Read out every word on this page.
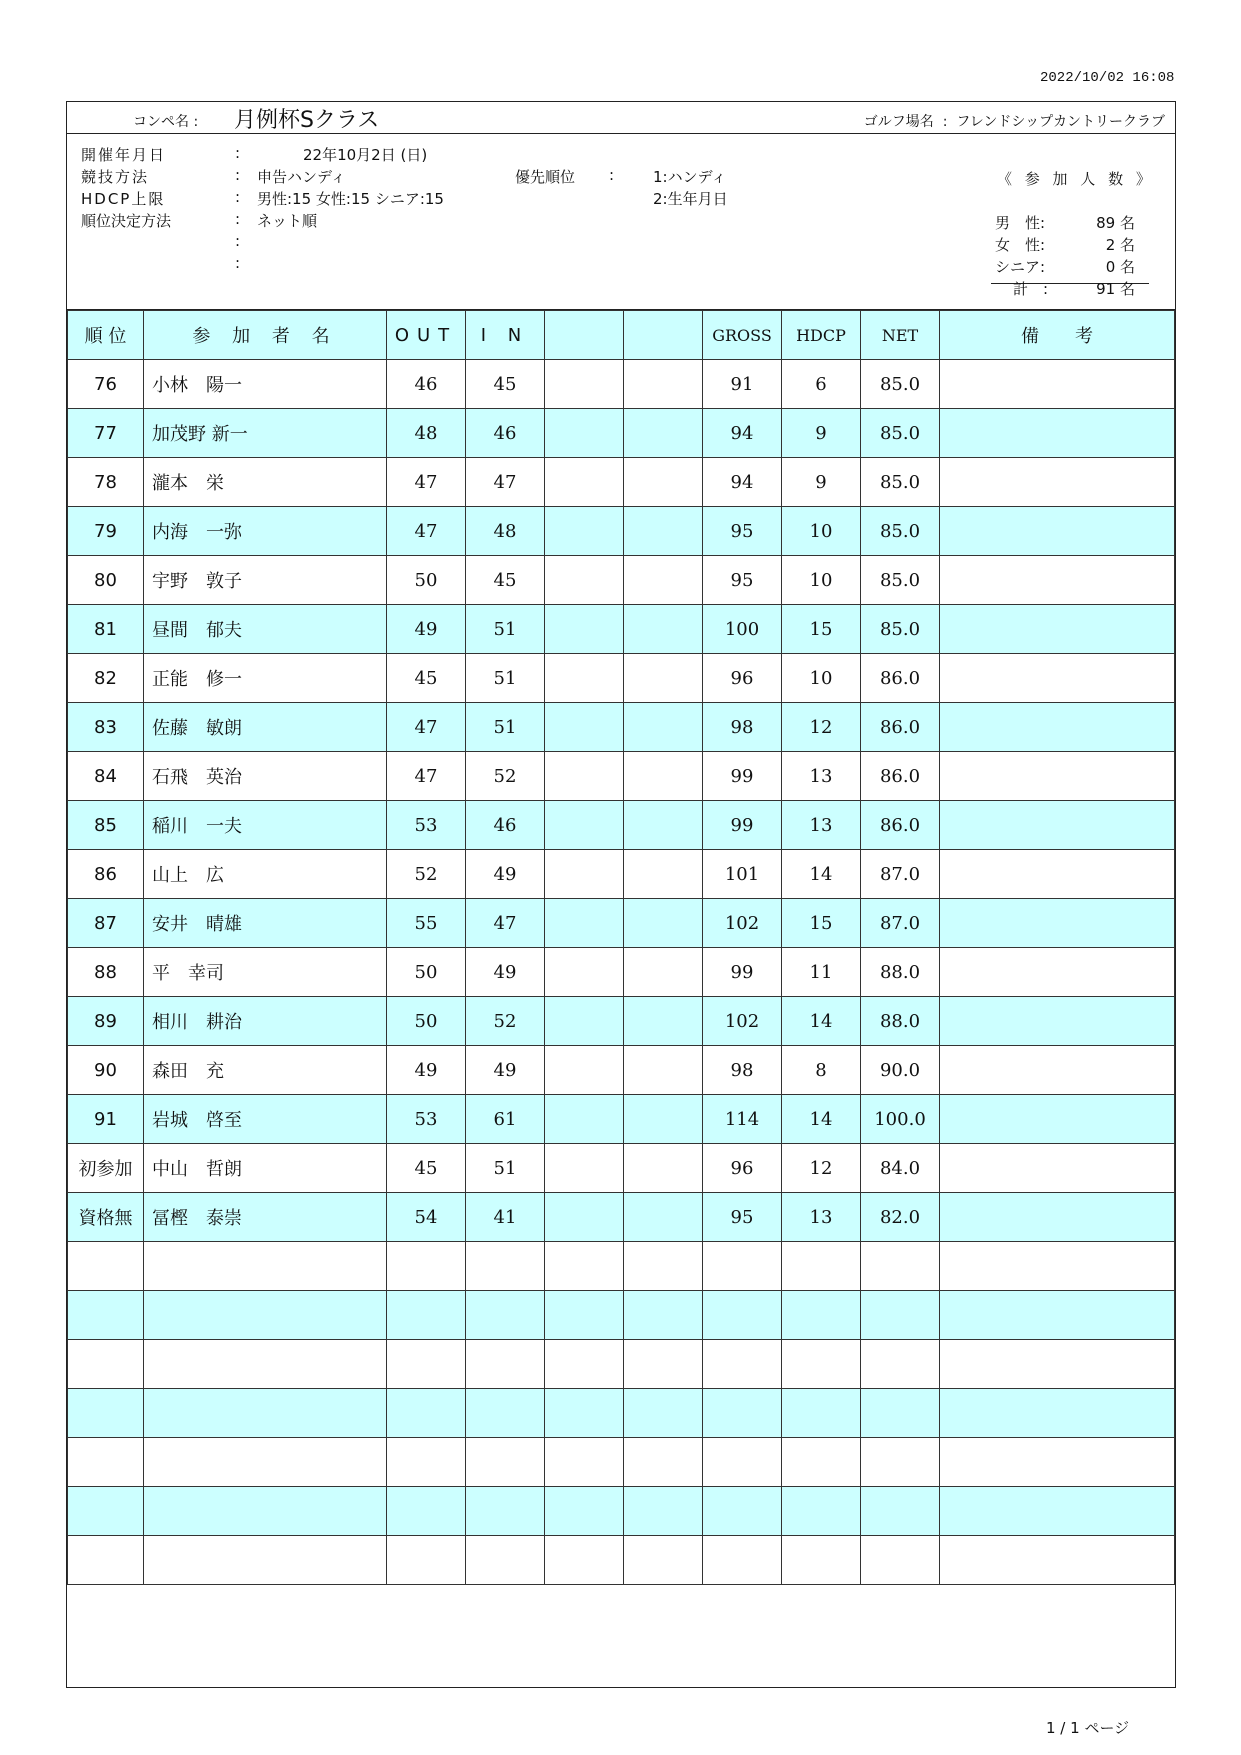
2022/10/02 16:08
コンペ名 : 月例杯Sクラス	ゴルフ場名 : フレンドシップカントリークラブ
開催年月日	:	22年10月2日 (日)
競技方法	: 申告ハンディ	優先順位 :	1:ハンディ
HDCP上限	: 男性:15 女性:15 シニア:15	2:生年月日
順位決定方法	: ネット順
:
:
《 参 加 人 数 》
男　性:	89 名
女　性:	2 名
シニア:	0 名
計　:	91 名
順 位	参 加 者 名	OUT	I N			GROSS	HDCP	NET	備　　考
76	小林　陽一	46	45			91	6	85.0	
77	加茂野 新一	48	46			94	9	85.0	
78	瀧本　栄	47	47			94	9	85.0	
79	内海　一弥	47	48			95	10	85.0	
80	宇野　敦子	50	45			95	10	85.0	
81	昼間　郁夫	49	51			100	15	85.0	
82	正能　修一	45	51			96	10	86.0	
83	佐藤　敏朗	47	51			98	12	86.0	
84	石飛　英治	47	52			99	13	86.0	
85	稲川　一夫	53	46			99	13	86.0	
86	山上　広	52	49			101	14	87.0	
87	安井　晴雄	55	47			102	15	87.0	
88	平　幸司	50	49			99	11	88.0	
89	相川　耕治	50	52			102	14	88.0	
90	森田　充	49	49			98	8	90.0	
91	岩城　啓至	53	61			114	14	100.0	
初参加	中山　哲朗	45	51			96	12	84.0	
資格無	冨樫　泰崇	54	41			95	13	82.0	

1 / 1 ページ
